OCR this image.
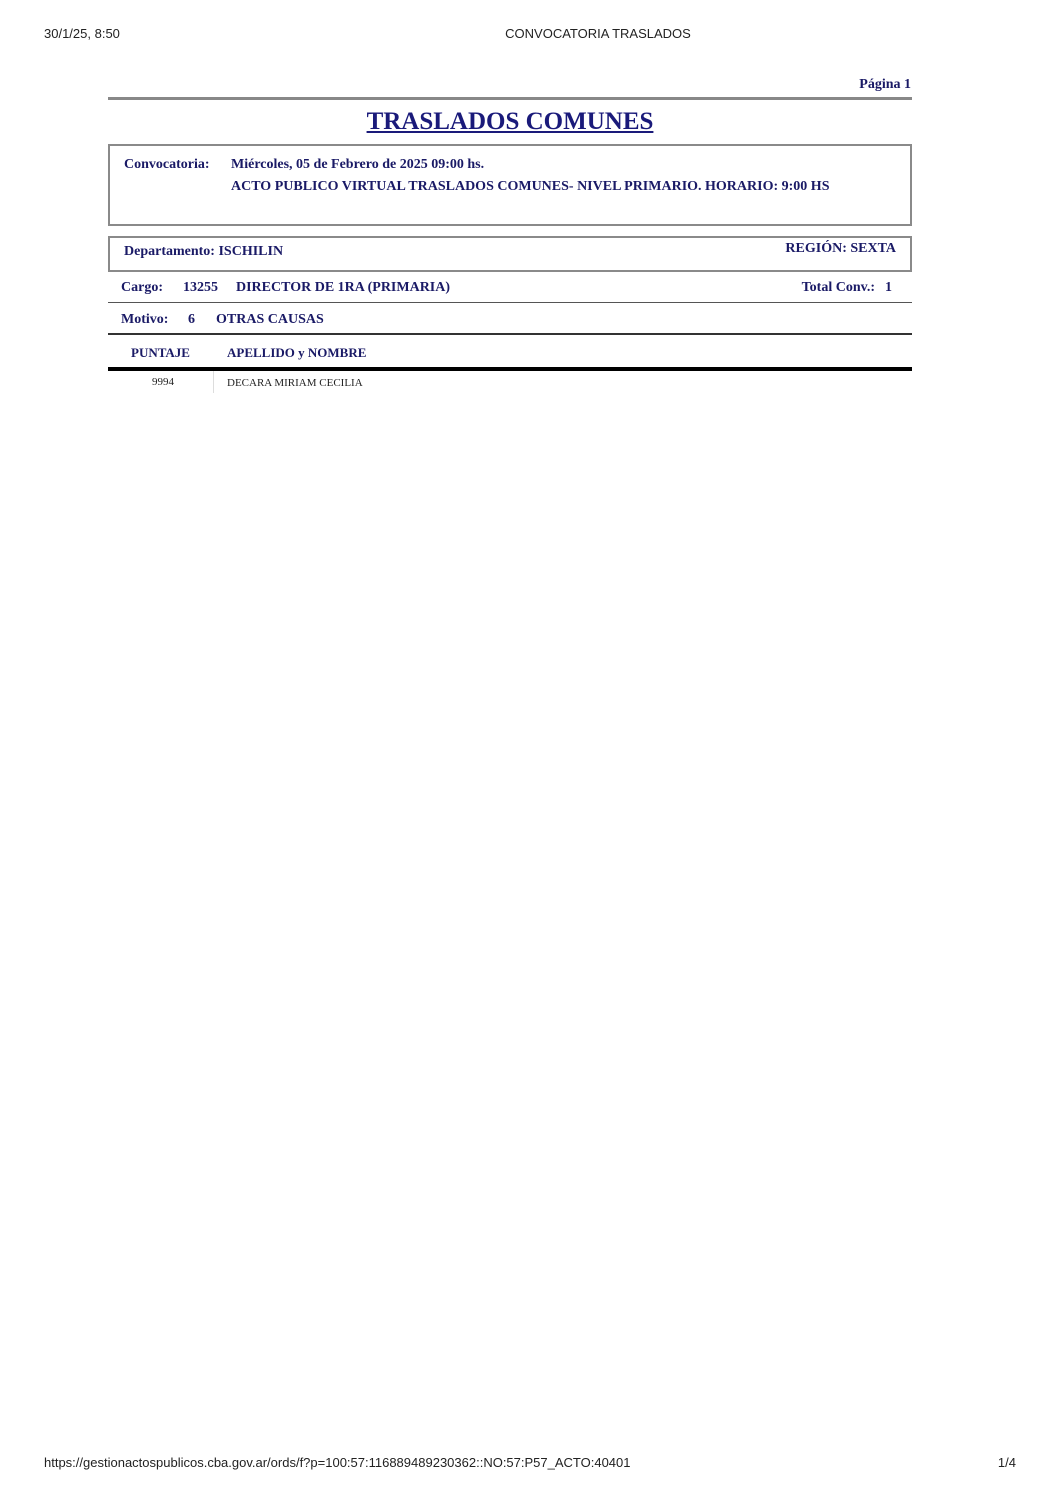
30/1/25, 8:50	CONVOCATORIA TRASLADOS
Página 1
TRASLADOS COMUNES
Convocatoria: Miércoles, 05 de Febrero de 2025 09:00 hs.
ACTO PUBLICO VIRTUAL TRASLADOS COMUNES- NIVEL PRIMARIO. HORARIO: 9:00 HS
Departamento: ISCHILIN	REGIÓN: SEXTA
Cargo: 13255 DIRECTOR DE 1RA (PRIMARIA)	Total Conv.: 1
Motivo: 6 OTRAS CAUSAS
PUNTAJE	APELLIDO y NOMBRE
9994	DECARA MIRIAM CECILIA
https://gestionactospublicos.cba.gov.ar/ords/f?p=100:57:116889489230362::NO:57:P57_ACTO:40401	1/4
